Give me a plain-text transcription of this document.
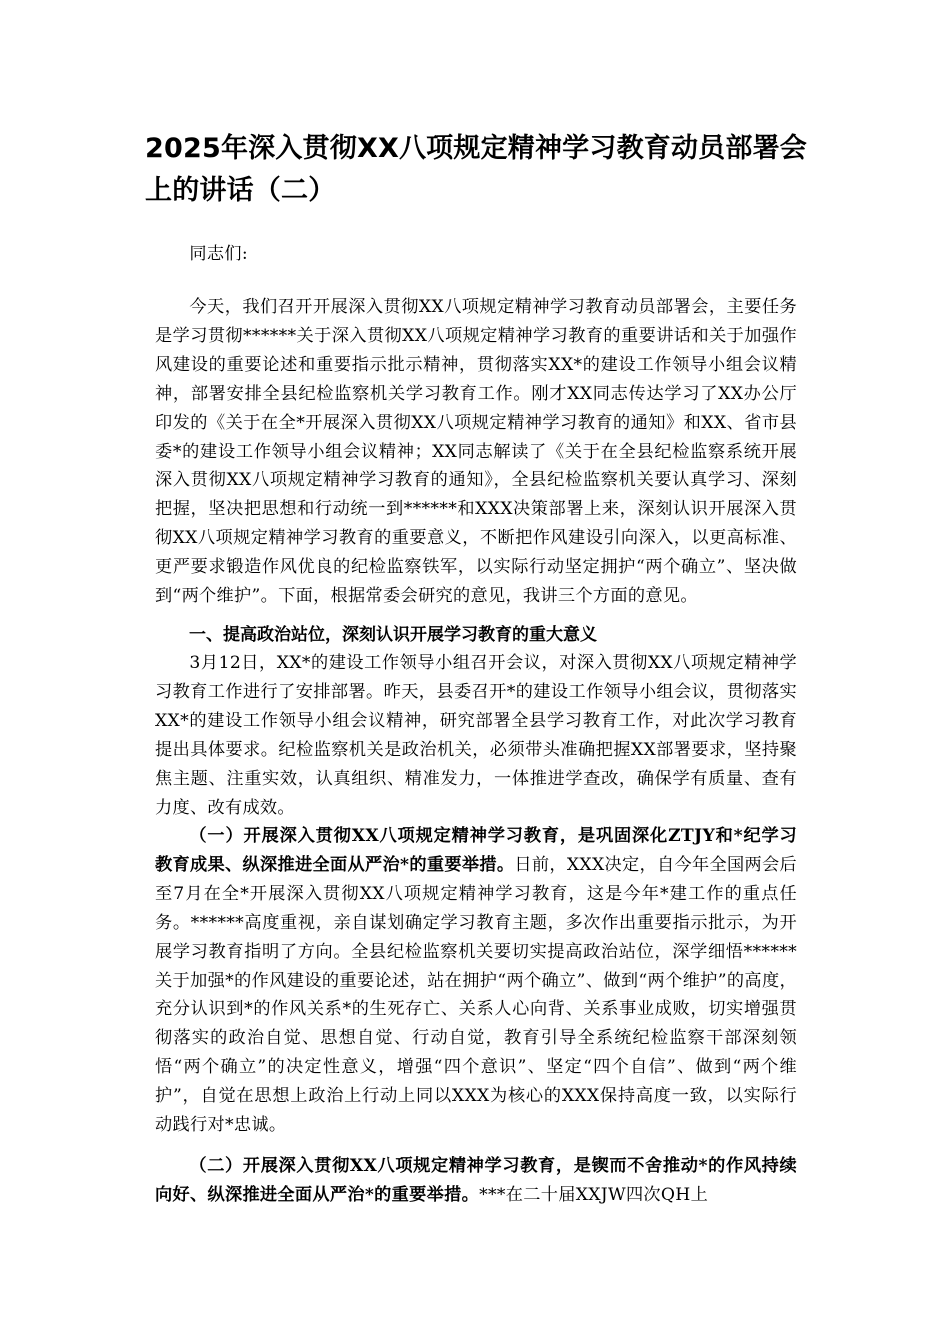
2025年深入贯彻XX八项规定精神学习教育动员部署会上的讲话（二）

同志们:

今天，我们召开开展深入贯彻XX八项规定精神学习教育动员部署会，主要任务是学习贯彻******关于深入贯彻XX八项规定精神学习教育的重要讲话和关于加强作风建设的重要论述和重要指示批示精神，贯彻落实XX*的建设工作领导小组会议精神，部署安排全县纪检监察机关学习教育工作。刚才XX同志传达学习了XX办公厅印发的《关于在全*开展深入贯彻XX八项规定精神学习教育的通知》和XX、省市县委*的建设工作领导小组会议精神；XX同志解读了《关于在全县纪检监察系统开展深入贯彻XX八项规定精神学习教育的通知》，全县纪检监察机关要认真学习、深刻把握，坚决把思想和行动统一到******和XXX决策部署上来，深刻认识开展深入贯彻XX八项规定精神学习教育的重要意义，不断把作风建设引向深入，以更高标准、更严要求锻造作风优良的纪检监察铁军，以实际行动坚定拥护“两个确立”、坚决做到“两个维护”。下面，根据常委会研究的意见，我讲三个方面的意见。

一、提高政治站位，深刻认识开展学习教育的重大意义

3月12日，XX*的建设工作领导小组召开会议，对深入贯彻XX八项规定精神学习教育工作进行了安排部署。昨天，县委召开*的建设工作领导小组会议，贯彻落实XX*的建设工作领导小组会议精神，研究部署全县学习教育工作，对此次学习教育提出具体要求。纪检监察机关是政治机关，必须带头准确把握XX部署要求，坚持聚焦主题、注重实效，认真组织、精准发力，一体推进学查改，确保学有质量、查有力度、改有成效。

（一）开展深入贯彻XX八项规定精神学习教育，是巩固深化ZTJY和*纪学习教育成果、纵深推进全面从严治*的重要举措。日前，XXX决定，自今年全国两会后至7月在全*开展深入贯彻XX八项规定精神学习教育，这是今年*建工作的重点任务。******高度重视，亲自谋划确定学习教育主题，多次作出重要指示批示，为开展学习教育指明了方向。全县纪检监察机关要切实提高政治站位，深学细悟******关于加强*的作风建设的重要论述，站在拥护“两个确立”、做到“两个维护”的高度，充分认识到*的作风关系*的生死存亡、关系人心向背、关系事业成败，切实增强贯彻落实的政治自觉、思想自觉、行动自觉，教育引导全系统纪检监察干部深刻领悟“两个确立”的决定性意义，增强“四个意识”、坚定“四个自信”、做到“两个维护”，自觉在思想上政治上行动上同以XXX为核心的XXX保持高度一致，以实际行动践行对*忠诚。

（二）开展深入贯彻XX八项规定精神学习教育，是锲而不舍推动*的作风持续向好、纵深推进全面从严治*的重要举措。***在二十届XXJW四次QH上
